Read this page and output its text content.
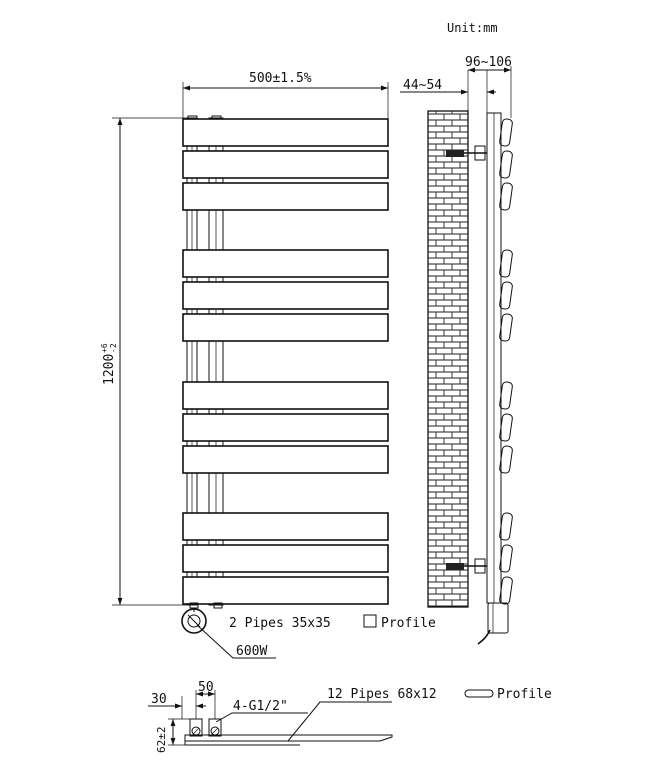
Unit:mm
500±1.5%
1200
+6 -2
2 Pipes 35x35	Profile
600W
44~54
96~106
50
30
62±2
4-G1/2"
12 Pipes 68x12	Profile
